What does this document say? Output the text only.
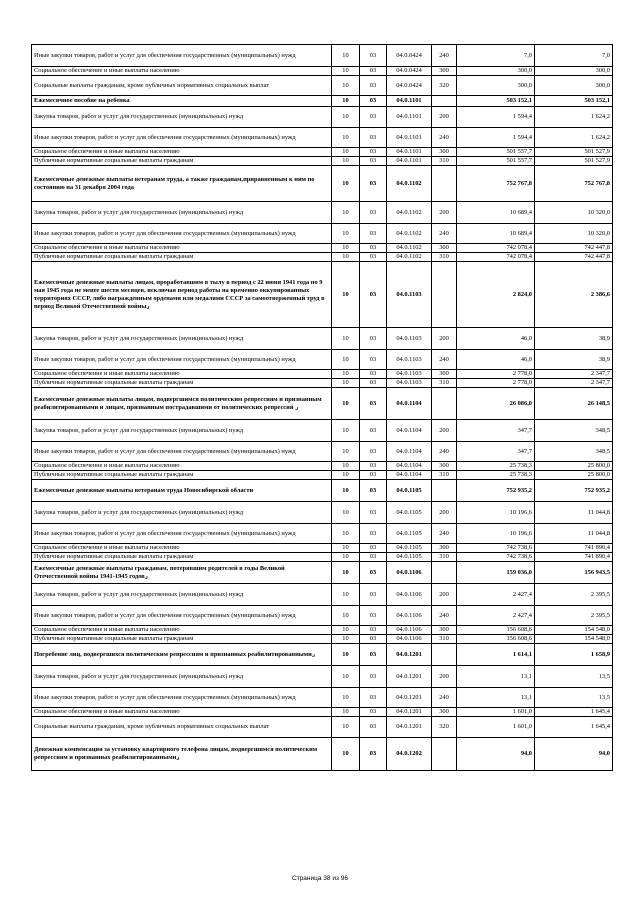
Иные закупки товаров, работ и услуг для обеспечения государственных (муниципальных) нужд	10	03	04.0.0424	240	7,0	7,0
Социальное обеспечение и иные выплаты населению	10	03	04.0.0424	300	300,0	300,0
Социальные выплаты гражданам, кроме публичных нормативных социальных выплат	10	03	04.0.0424	320	300,0	300,0
Ежемесячное пособие на ребенка	10	03	04.0.1101		503 152,1	503 152,1
Закупка товаров, работ и услуг для государственных (муниципальных) нужд	10	03	04.0.1101	200	1 594,4	1 624,2
Иные закупки товаров, работ и услуг для обеспечения государственных (муниципальных) нужд	10	03	04.0.1101	240	1 594,4	1 624,2
Социальное обеспечение и иные выплаты населению	10	03	04.0.1101	300	501 557,7	501 527,9
Публичные нормативные социальные выплаты гражданам	10	03	04.0.1101	310	501 557,7	501 527,9
Ежемесячные денежные выплаты ветеранам труда, а также гражданам,приравненным к ним по состоянию на 31 декабря 2004 года	10	03	04.0.1102		752 767,8	752 767,8
Закупка товаров, работ и услуг для государственных (муниципальных) нужд	10	03	04.0.1102	200	10 689,4	10 320,0
Иные закупки товаров, работ и услуг для обеспечения государственных (муниципальных) нужд	10	03	04.0.1102	240	10 689,4	10 320,0
Социальное обеспечение и иные выплаты населению	10	03	04.0.1102	300	742 078,4	742 447,8
Публичные нормативные социальные выплаты гражданам	10	03	04.0.1102	310	742 078,4	742 447,8
Ежемесячные денежные выплаты лицам, проработавшим в тылу в период с 22 июня 1941 года по 9 мая 1945 года не менее шести месяцев, исключая период работы на временно оккупированных территориях СССР, либо награжденным орденами или медалями СССР за самоотверженный труд в период Великой Отечественной войны⌟	10	03	04.0.1103		2 824,0	2 386,6
Закупка товаров, работ и услуг для государственных (муниципальных) нужд	10	03	04.0.1103	200	46,0	38,9
Иные закупки товаров, работ и услуг для обеспечения государственных (муниципальных) нужд	10	03	04.0.1103	240	46,0	38,9
Социальное обеспечение и иные выплаты населению	10	03	04.0.1103	300	2 778,0	2 347,7
Публичные нормативные социальные выплаты гражданам	10	03	04.0.1103	310	2 778,0	2 347,7
Ежемесячные денежные выплаты лицам, подвергшимся политическим репрессиям и признанным реабилитированными и лицам, признанным пострадавшими от политических репрессий ⌟	10	03	04.0.1104		26 086,0	26 148,5
Закупка товаров, работ и услуг для государственных (муниципальных) нужд	10	03	04.0.1104	200	347,7	348,5
Иные закупки товаров, работ и услуг для обеспечения государственных (муниципальных) нужд	10	03	04.0.1104	240	347,7	348,5
Социальное обеспечение и иные выплаты населению	10	03	04.0.1104	300	25 738,3	25 800,0
Публичные нормативные социальные выплаты гражданам	10	03	04.0.1104	310	25 738,3	25 800,0
Ежемесячные денежные выплаты ветеранам труда Новосибирской области	10	03	04.0.1105		752 935,2	752 935,2
Закупка товаров, работ и услуг для государственных (муниципальных) нужд	10	03	04.0.1105	200	10 196,6	11 044,8
Иные закупки товаров, работ и услуг для обеспечения государственных (муниципальных) нужд	10	03	04.0.1105	240	10 196,6	11 044,8
Социальное обеспечение и иные выплаты населению	10	03	04.0.1105	300	742 738,6	741 890,4
Публичные нормативные социальные выплаты гражданам	10	03	04.0.1105	310	742 738,6	741 890,4
Ежемесячные денежные выплаты гражданам, потерявшим родителей в годы Великой Отечественной войны 1941-1945 годов⌟	10	03	04.0.1106		159 036,0	156 943,5
Закупка товаров, работ и услуг для государственных (муниципальных) нужд	10	03	04.0.1106	200	2 427,4	2 395,5
Иные закупки товаров, работ и услуг для обеспечения государственных (муниципальных) нужд	10	03	04.0.1106	240	2 427,4	2 395,5
Социальное обеспечение и иные выплаты населению	10	03	04.0.1106	300	156 608,6	154 548,0
Публичные нормативные социальные выплаты гражданам	10	03	04.0.1106	310	156 608,6	154 548,0
Погребение лиц, подвергшихся политическим репрессиям и признанных реабилитированными⌟	10	03	04.0.1201		1 614,1	1 658,9
Закупка товаров, работ и услуг для государственных (муниципальных) нужд	10	03	04.0.1201	200	13,1	13,5
Иные закупки товаров, работ и услуг для обеспечения государственных (муниципальных) нужд	10	03	04.0.1201	240	13,1	13,5
Социальное обеспечение и иные выплаты населению	10	03	04.0.1201	300	1 601,0	1 645,4
Социальные выплаты гражданам, кроме публичных нормативных социальных выплат	10	03	04.0.1201	320	1 601,0	1 645,4
Денежная компенсация за установку квартирного телефона лицам, подвергшимся политическим репрессиям и признанных реабилитированными⌟	10	03	04.0.1202		94,0	94,0
Страница 38 из 96
